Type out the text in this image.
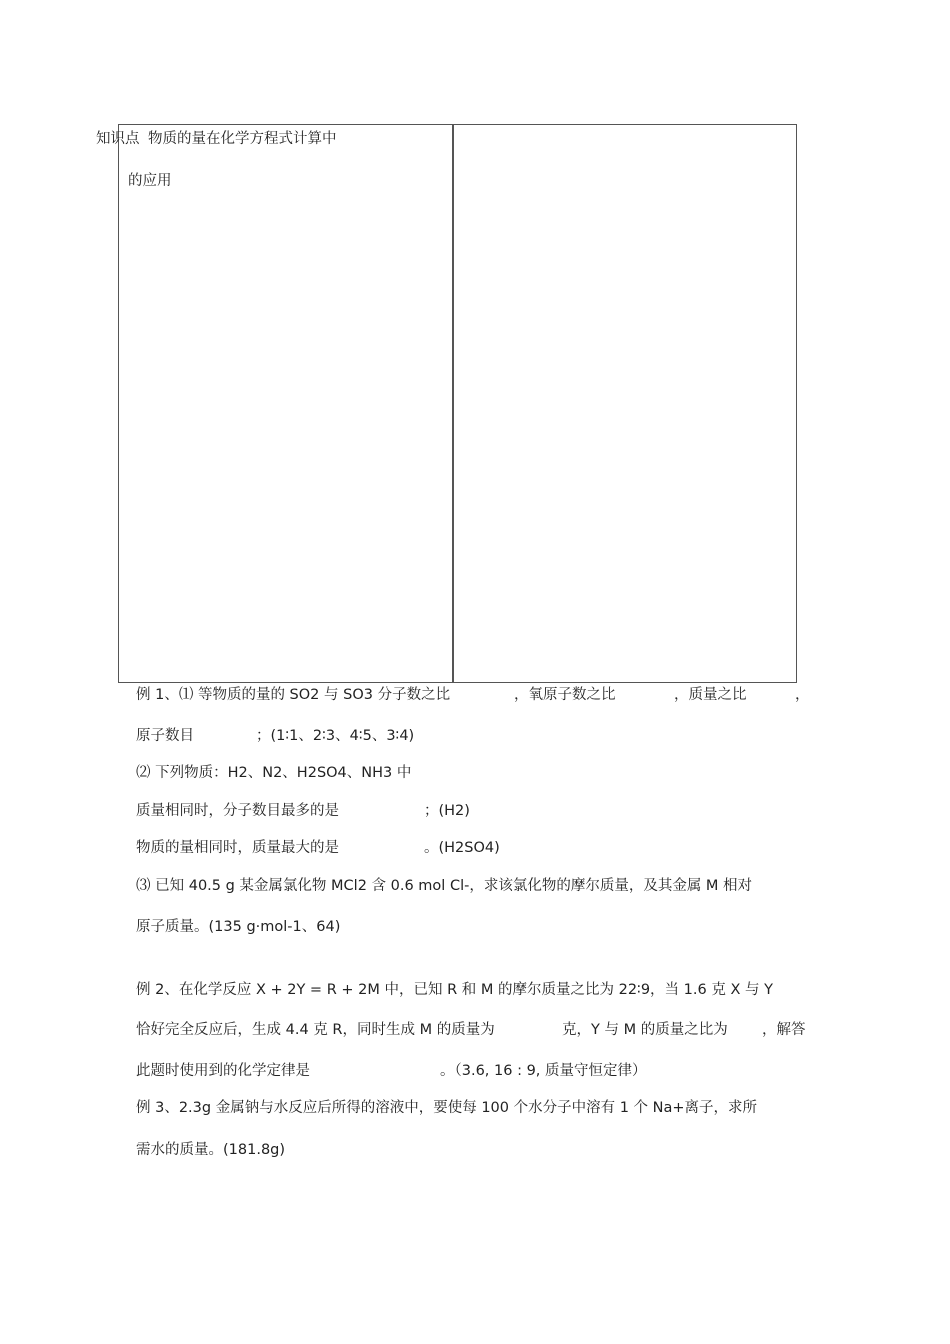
知识点 物质的量在化学方程式计算中
的应用
例 1、⑴ 等物质的量的 SO2 与 SO3 分子数之比	，氧原子数之比	，质量之比	，
原子数目	；(1∶1、2∶3、4∶5、3∶4)
⑵ 下列物质：H2、N2、H2SO4、NH3 中
质量相同时，分子数目最多的是	；(H2)
物质的量相同时，质量最大的是	。(H2SO4)
⑶ 已知 40.5 g 某金属氯化物 MCl2 含 0.6 mol Cl-，求该氯化物的摩尔质量，及其金属 M 相对
原子质量。(135 g·mol-1、64)
例 2、在化学反应 X + 2Y = R + 2M 中，已知 R 和 M 的摩尔质量之比为 22∶9，当 1.6 克 X 与 Y
恰好完全反应后，生成 4.4 克 R，同时生成 M 的质量为	克，Y 与 M 的质量之比为 ，解答
此题时使用到的化学定律是	。（3.6, 16 : 9, 质量守恒定律）
例 3、2.3g 金属钠与水反应后所得的溶液中，要使每 100 个水分子中溶有 1 个 Na+离子，求所
需水的质量。(181.8g)
